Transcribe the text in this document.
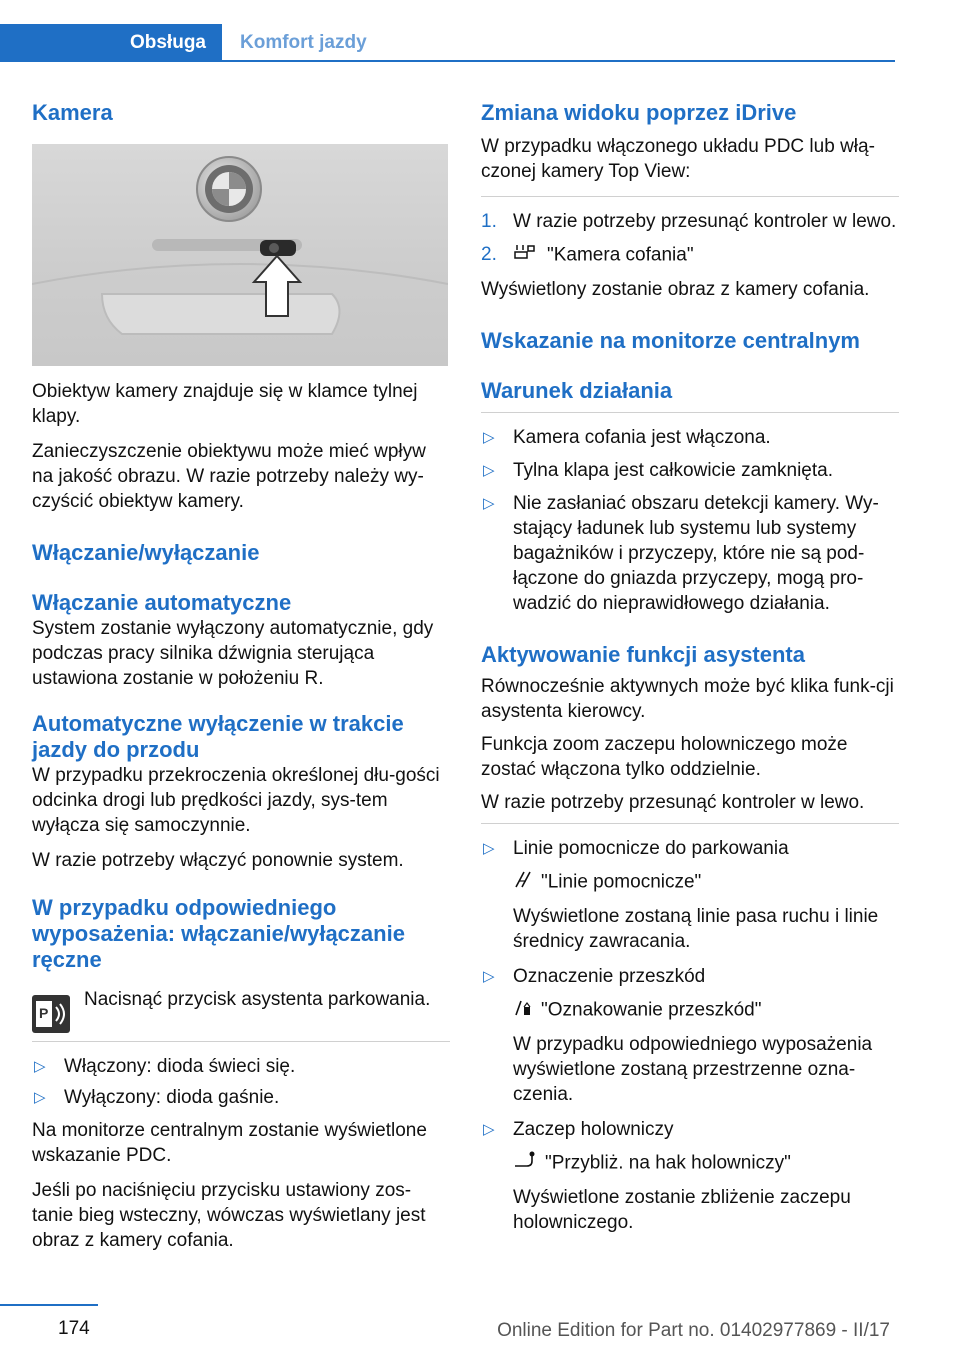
Obsługa Komfort jazdy
Kamera

Obiektyw kamery znajduje się w klamce tylnej klapy.

Zanieczyszczenie obiektywu może mieć wpływ na jakość obrazu. W razie potrzeby należy wy-czyścić obiektyw kamery.

Włączanie/wyłączanie
Włączanie automatyczne

System zostanie wyłączony automatycznie, gdy podczas pracy silnika dźwignia sterująca ustawiona zostanie w położeniu R.

Automatyczne wyłączenie w trakcie jazdy do przodu

W przypadku przekroczenia określonej dłu-gości odcinka drogi lub prędkości jazdy, sys-tem wyłącza się samoczynnie.

W razie potrzeby włączyć ponownie system.

W przypadku odpowiedniego wyposażenia: włączanie/wyłączanie ręczne
P

Nacisnąć przycisk asystenta parkowania.

▷ Włączony: dioda świeci się.
▷ Wyłączony: dioda gaśnie.

Na monitorze centralnym zostanie wyświetlone wskazanie PDC.

Jeśli po naciśnięciu przycisku ustawiony zos-tanie bieg wsteczny, wówczas wyświetlany jest obraz z kamery cofania.

Zmiana widoku poprzez iDrive

W przypadku włączonego układu PDC lub włą-czonej kamery Top View:

1. W razie potrzeby przesunąć kontroler w lewo.
2.	"Kamera cofania"

Wyświetlony zostanie obraz z kamery cofania.

Wskazanie na monitorze centralnym
Warunek działania
▷ Kamera cofania jest włączona.
▷ Tylna klapa jest całkowicie zamknięta.
▷ Nie zasłaniać obszaru detekcji kamery. Wy-stający ładunek lub systemu lub systemy bagażników i przyczepy, które nie są pod-łączone do gniazda przyczepy, mogą pro-wadzić do nieprawidłowego działania.
Aktywowanie funkcji asystenta

Równocześnie aktywnych może być klika funk-cji asystenta kierowcy.

Funkcja zoom zaczepu holowniczego może zostać włączona tylko oddzielnie.

W razie potrzeby przesunąć kontroler w lewo.

▷ Linie pomocnicze do parkowania
"Linie pomocnicze"
Wyświetlone zostaną linie pasa ruchu i linie średnicy zawracania.
▷ Oznaczenie przeszkód
"Oznakowanie przeszkód"
W przypadku odpowiedniego wyposażenia wyświetlone zostaną przestrzenne ozna-czenia.
▷ Zaczep holowniczy
"Przybliż. na hak holowniczy"
Wyświetlone zostanie zbliżenie zaczepu holowniczego.
174	Online Edition for Part no. 01402977869 - II/17
